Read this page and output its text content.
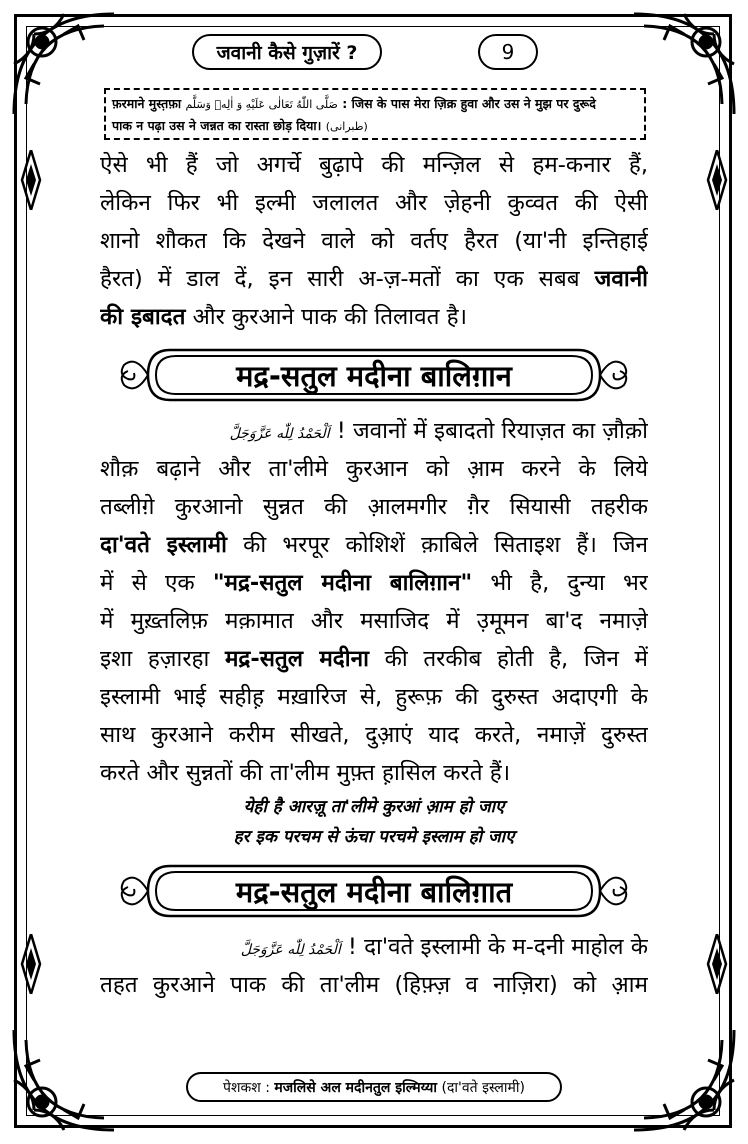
जवानी कैसे गुज़ारें ?	9
फ़रमाने मुस्त़फ़ा صَلَّى اللّٰهُ تَعَالٰى عَلَيْهِ وَ اٰلِهٖ وَسَلَّم : जिस के पास मेरा ज़िक्र हुवा और उस ने मुझ पर दुरूदे
पाक न पढ़ा उस ने जन्नत का रास्ता छोड़ दिया। (طبرانی)
ऐसे भी हैं जो अगर्चे बुढ़ापे की मन्ज़िल से हम-कनार हैं,
लेकिन फिर भी इल्मी जलालत और ज़ेहनी कुव्वत की ऐसी
शानो शौकत कि देखने वाले को वर्तए हैरत (या'नी इन्तिहाई
हैरत) में डाल दें, इन सारी अ-ज़-मतों का एक सबब जवानी
की इबादत और कुरआने पाक की तिलावत है।
मद्र-सतुल मदीना बालिग़ान
اَلْحَمْدُ لِلّٰه عَزَّوَجَلَّ ! जवानों में इबादतो रियाज़त का ज़ौक़ो
शौक़ बढ़ाने और ता'लीमे कुरआन को आ़म करने के लिये
तब्लीग़े कुरआनो सुन्नत की आ़लमगीर ग़ैर सियासी तहरीक
दा'वते इस्लामी की भरपूर कोशिशें क़ाबिले सिताइश हैं। जिन
में से एक "मद्र-सतुल मदीना बालिग़ान" भी है, दुन्या भर
में मुख़्तलिफ़ मक़ामात और मसाजिद में उ़मूमन बा'द नमाज़े
इशा हज़ारहा मद्र-सतुल मदीना की तरकीब होती है, जिन में
इस्लामी भाई सहीह़ मख़ारिज से, हुरूफ़ की दुरुस्त अदाएगी के
साथ कुरआने करीम सीखते, दुआ़एं याद करते, नमाज़ें दुरुस्त
करते और सुन्नतों की ता'लीम मुफ़्त ह़ासिल करते हैं।
येही है आरज़ू ता'लीमे कुरआं आ़म हो जाए
हर इक परचम से ऊंचा परचमे इस्लाम हो जाए
मद्र-सतुल मदीना बालिग़ात
اَلْحَمْدُ لِلّٰه عَزَّوَجَلَّ ! दा'वते इस्लामी के म-दनी माहोल के
तहत कुरआने पाक की ता'लीम (हिफ़्ज़ व नाज़िरा) को आ़म
पेशकश :
मजलिसे अल मदीनतुल इल्मिय्या
(दा'वते इस्लामी)
